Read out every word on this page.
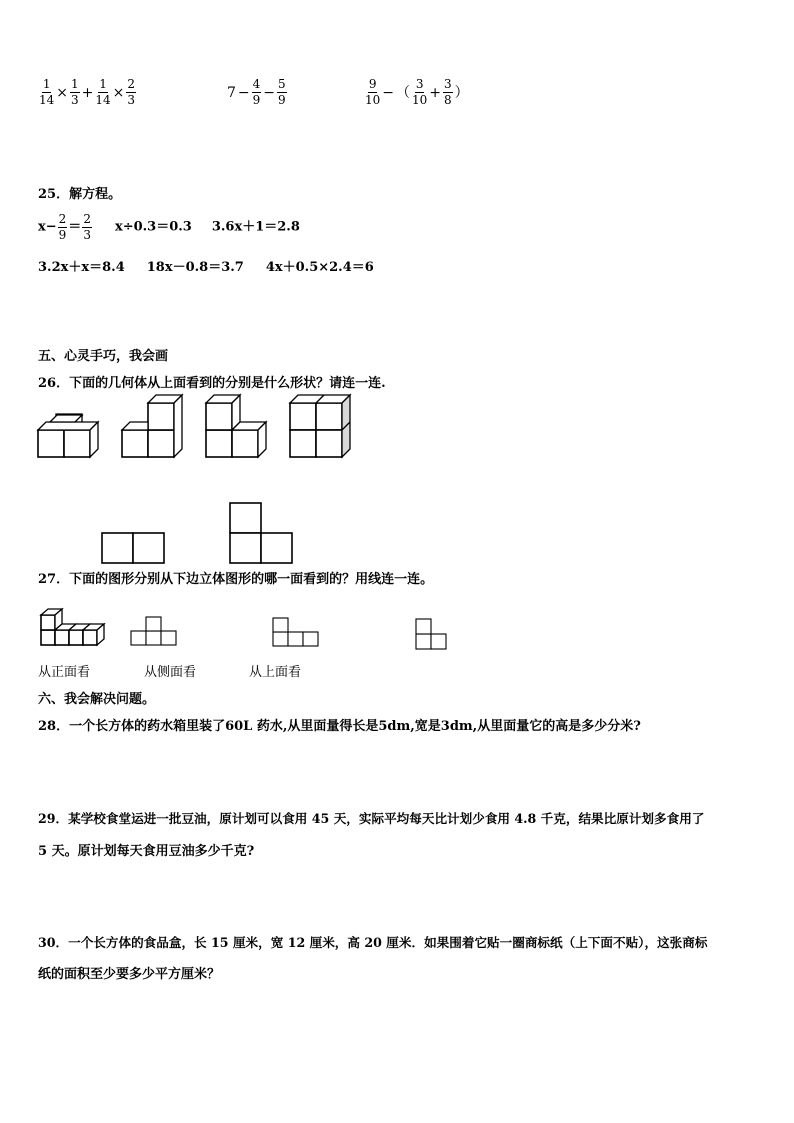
$\frac{1}{14} \times \frac{1}{3} + \frac{1}{14} \times \frac{2}{3}$	$7 - \frac{4}{9} - \frac{5}{9}$	$\frac{9}{10}$ − （ $\frac{3}{10} + \frac{3}{8}$ ）
25．解方程。
$x- \frac{2}{9} = \frac{2}{3} x\div 0.3=0.3$ 3.6x＋1＝2.8
3.2x＋x＝8.4 18x－0.8＝3.7 4x＋0.5×2.4＝6
五、心灵手巧，我会画
26．下面的几何体从上面看到的分别是什么形状？请连一连.
27．下面的图形分别从下边立体图形的哪一面看到的？用线连一连。
从正面看	从侧面看	从上面看
六、我会解决问题。
28．一个长方体的药水箱里装了60L 药水,从里面量得长是5dm,宽是3dm,从里面量它的高是多少分米?
29．某学校食堂运进一批豆油，原计划可以食用 45 天，实际平均每天比计划少食用 4.8 千克，结果比原计划多食用了
5 天。原计划每天食用豆油多少千克?
30．一个长方体的食品盒，长 15 厘米，宽 12 厘米，高 20 厘米．如果围着它贴一圈商标纸（上下面不贴），这张商标
纸的面积至少要多少平方厘米？
